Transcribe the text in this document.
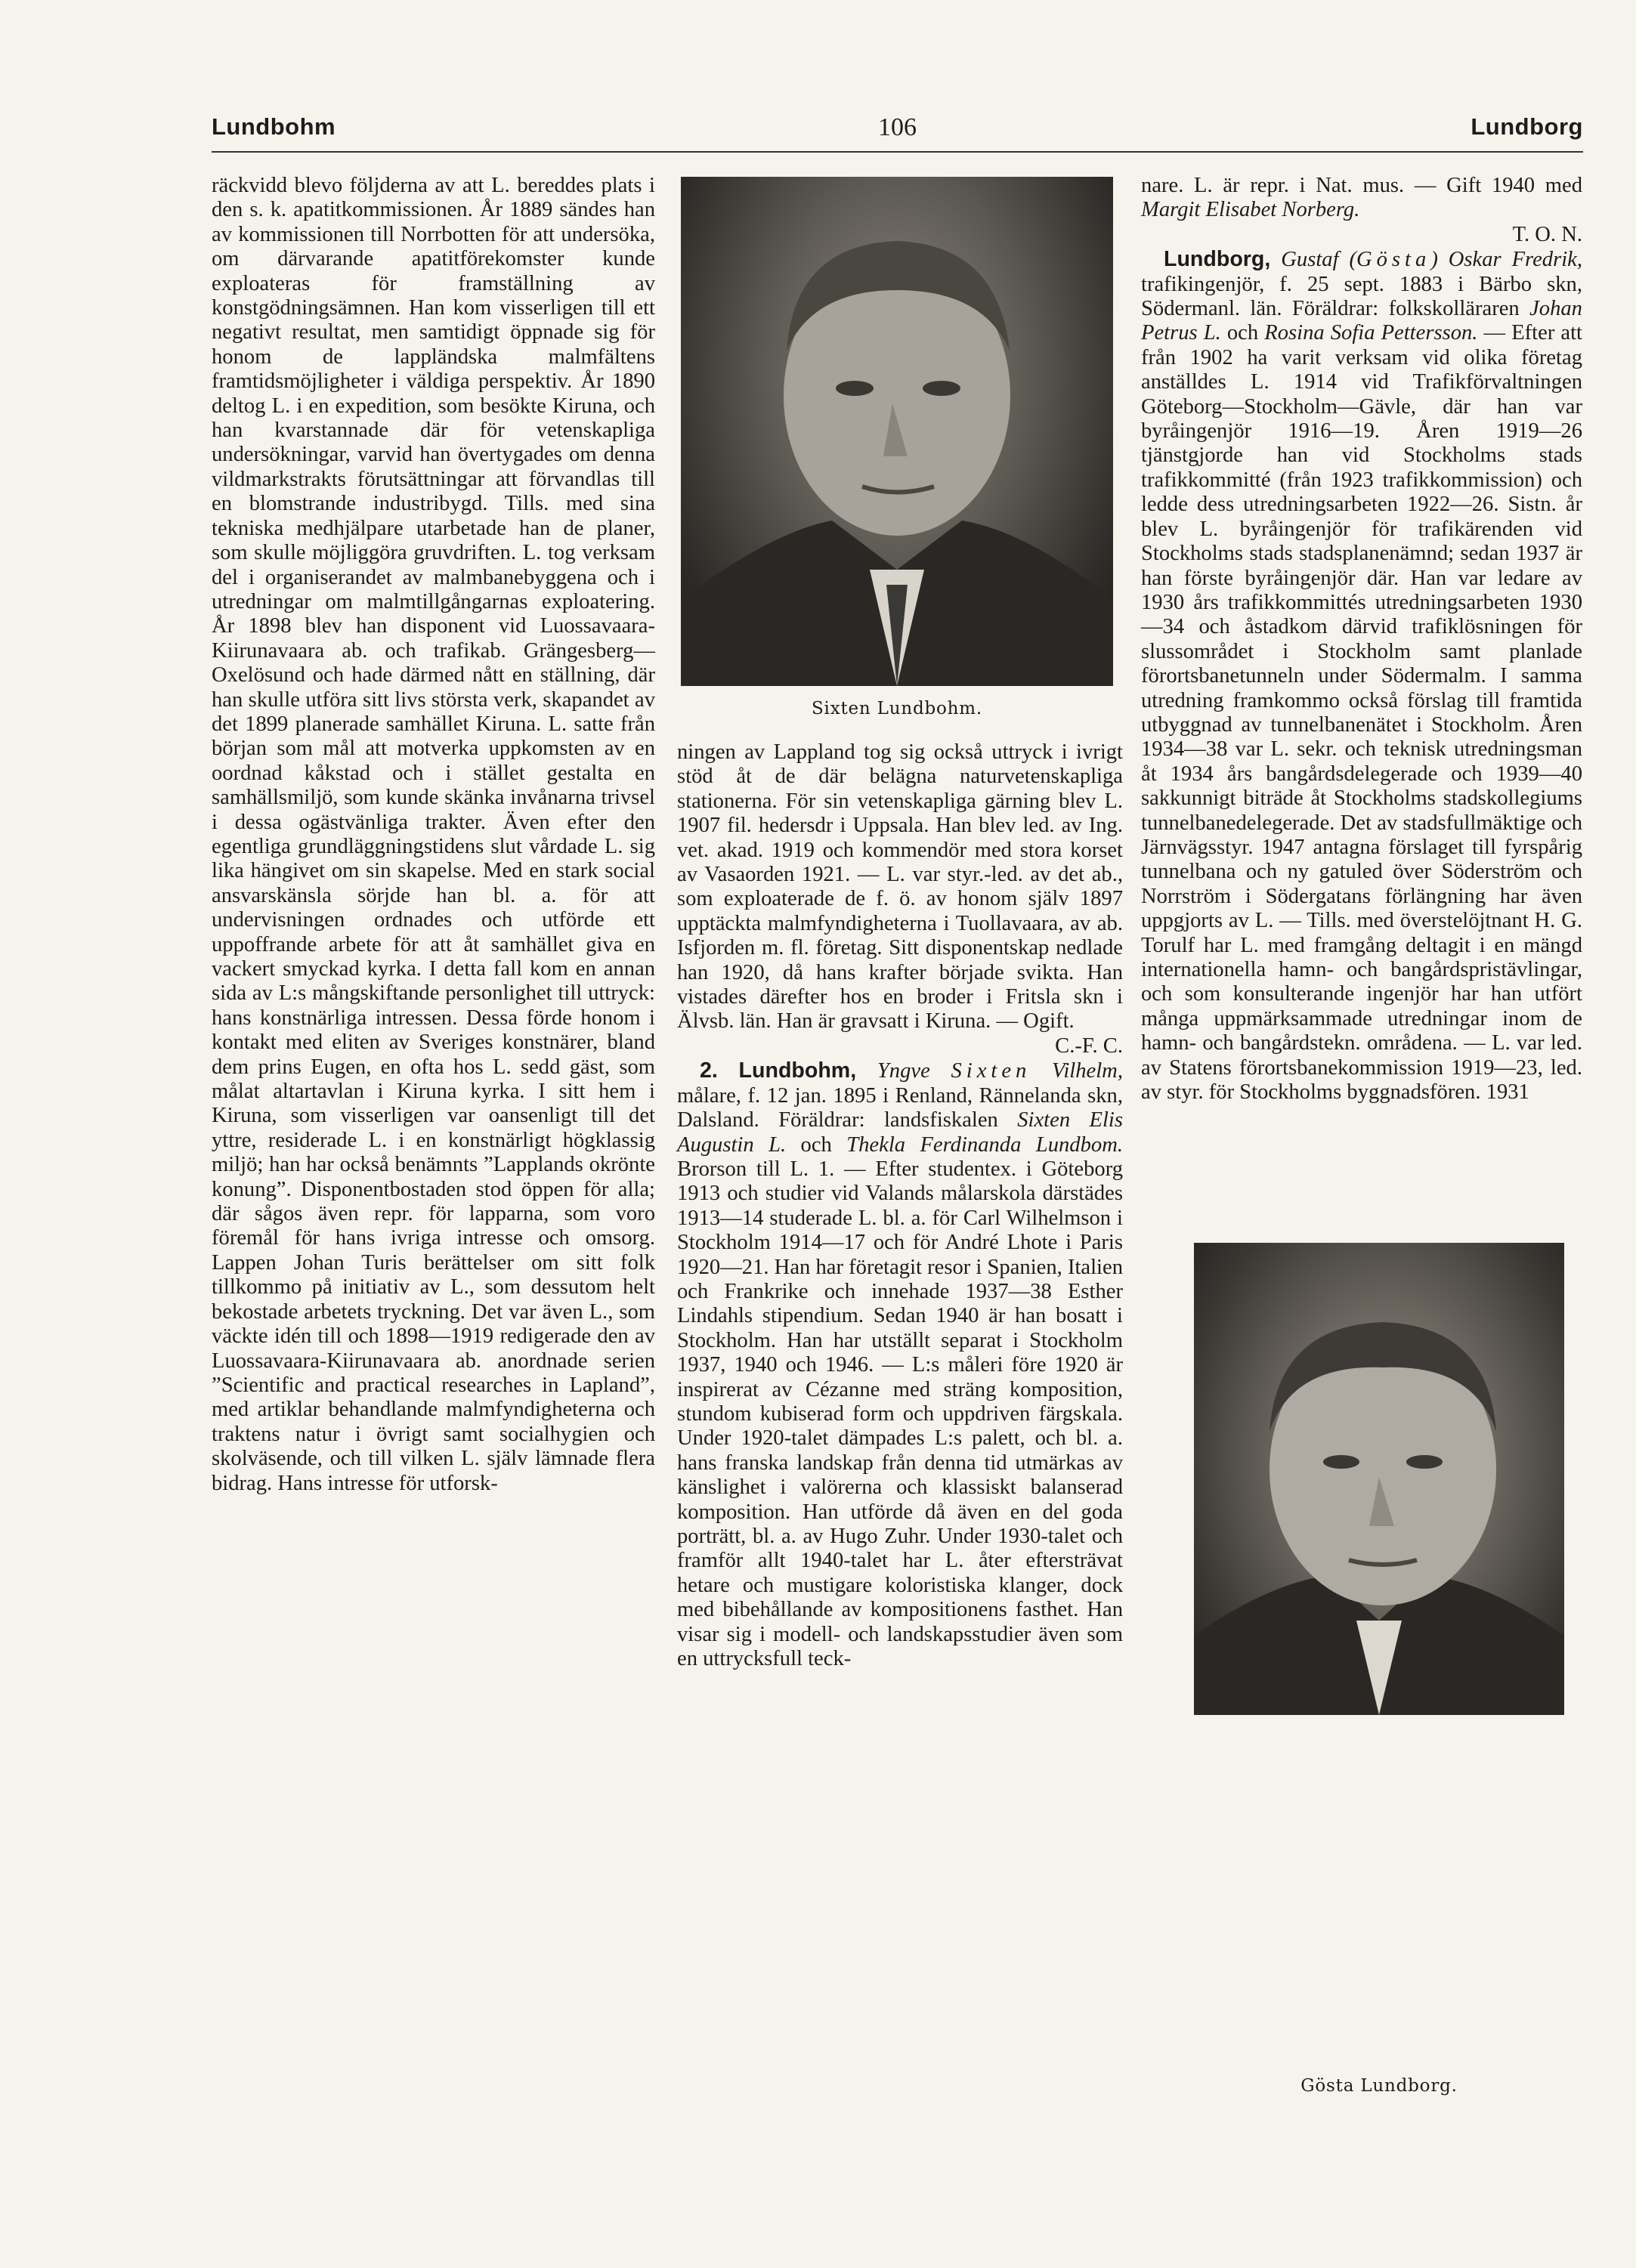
Lundbohm	106	Lundborg

räckvidd blevo följderna av att L. bereddes plats i den s. k. apatitkommissionen. År 1889 sändes han av kommissionen till Norrbotten för att undersöka, om därvarande apatitförekomster kunde exploateras för framställning av konstgödningsämnen. Han kom visserligen till ett negativt resultat, men samtidigt öppnade sig för honom de lappländska malmfältens framtidsmöjligheter i väldiga perspektiv. År 1890 deltog L. i en expedition, som besökte Kiruna, och han kvarstannade där för vetenskapliga undersökningar, varvid han övertygades om denna vildmarkstrakts förutsättningar att förvandlas till en blomstrande industribygd. Tills. med sina tekniska medhjälpare utarbetade han de planer, som skulle möjliggöra gruvdriften. L. tog verksam del i organiserandet av malmbanebyggena och i utredningar om malmtillgångarnas exploatering. År 1898 blev han disponent vid Luossavaara-Kiirunavaara ab. och trafikab. Grängesberg—Oxelösund och hade därmed nått en ställning, där han skulle utföra sitt livs största verk, skapandet av det 1899 planerade samhället Kiruna. L. satte från början som mål att motverka uppkomsten av en oordnad kåkstad och i stället gestalta en samhällsmiljö, som kunde skänka invånarna trivsel i dessa ogästvänliga trakter. Även efter den egentliga grundläggningstidens slut vårdade L. sig lika hängivet om sin skapelse. Med en stark social ansvarskänsla sörjde han bl. a. för att undervisningen ordnades och utförde ett uppoffrande arbete för att åt samhället giva en vackert smyckad kyrka. I detta fall kom en annan sida av L:s mångskiftande personlighet till uttryck: hans konstnärliga intressen. Dessa förde honom i kontakt med eliten av Sveriges konstnärer, bland dem prins Eugen, en ofta hos L. sedd gäst, som målat altartavlan i Kiruna kyrka. I sitt hem i Kiruna, som visserligen var oansenligt till det yttre, residerade L. i en konstnärligt högklassig miljö; han har också benämnts ”Lapplands okrönte konung”. Disponentbostaden stod öppen för alla; där sågos även repr. för lapparna, som voro föremål för hans ivriga intresse och omsorg. Lappen Johan Turis berättelser om sitt folk tillkommo på initiativ av L., som dessutom helt bekostade arbetets tryckning. Det var även L., som väckte idén till och 1898—1919 redigerade den av Luossavaara-Kiirunavaara ab. anordnade serien ”Scientific and practical researches in Lapland”, med artiklar behandlande malmfyndigheterna och traktens natur i övrigt samt socialhygien och skolväsende, och till vilken L. själv lämnade flera bidrag. Hans intresse för utforsk-

Sixten Lundbohm.

ningen av Lappland tog sig också uttryck i ivrigt stöd åt de där belägna naturvetenskapliga stationerna. För sin vetenskapliga gärning blev L. 1907 fil. hedersdr i Uppsala. Han blev led. av Ing. vet. akad. 1919 och kommendör med stora korset av Vasaorden 1921. — L. var styr.-led. av det ab., som exploaterade de f. ö. av honom själv 1897 upptäckta malmfyndigheterna i Tuollavaara, av ab. Isfjorden m. fl. företag. Sitt disponentskap nedlade han 1920, då hans krafter började svikta. Han vistades därefter hos en broder i Fritsla skn i Älvsb. län. Han är gravsatt i Kiruna. — Ogift.
C.-F. C.

2. Lundbohm, Yngve Sixten Vilhelm, målare, f. 12 jan. 1895 i Renland, Rännelanda skn, Dalsland. Föräldrar: landsfiskalen Sixten Elis Augustin L. och Thekla Ferdinanda Lundbom. Brorson till L. 1. — Efter studentex. i Göteborg 1913 och studier vid Valands målarskola därstädes 1913—14 studerade L. bl. a. för Carl Wilhelmson i Stockholm 1914—17 och för André Lhote i Paris 1920—21. Han har företagit resor i Spanien, Italien och Frankrike och innehade 1937—38 Esther Lindahls stipendium. Sedan 1940 är han bosatt i Stockholm. Han har utställt separat i Stockholm 1937, 1940 och 1946. — L:s måleri före 1920 är inspirerat av Cézanne med sträng komposition, stundom kubiserad form och uppdriven färgskala. Under 1920-talet dämpades L:s palett, och bl. a. hans franska landskap från denna tid utmärkas av känslighet i valörerna och klassiskt balanserad komposition. Han utförde då även en del goda porträtt, bl. a. av Hugo Zuhr. Under 1930-talet och framför allt 1940-talet har L. åter eftersträvat hetare och mustigare koloristiska klanger, dock med bibehållande av kompositionens fasthet. Han visar sig i modell- och landskapsstudier även som en uttrycksfull teck-

nare. L. är repr. i Nat. mus. — Gift 1940 med Margit Elisabet Norberg.
T. O. N.

Lundborg, Gustaf (Gösta) Oskar Fredrik, trafikingenjör, f. 25 sept. 1883 i Bärbo skn, Södermanl. län. Föräldrar: folkskolläraren Johan Petrus L. och Rosina Sofia Pettersson. — Efter att från 1902 ha varit verksam vid olika företag anställdes L. 1914 vid Trafikförvaltningen Göteborg—Stockholm—Gävle, där han var byråingenjör 1916—19. Åren 1919—26 tjänstgjorde han vid Stockholms stads trafikkommitté (från 1923 trafikkommission) och ledde dess utredningsarbeten 1922—26. Sistn. år blev L. byråingenjör för trafikärenden vid Stockholms stads stadsplanenämnd; sedan 1937 är han förste byråingenjör där. Han var ledare av 1930 års trafikkommittés utredningsarbeten 1930—34 och åstadkom därvid trafiklösningen för slussområdet i Stockholm samt planlade förortsbanetunneln under Södermalm. I samma utredning framkommo också förslag till framtida utbyggnad av tunnelbanenätet i Stockholm. Åren 1934—38 var L. sekr. och teknisk utredningsman åt 1934 års bangårdsdelegerade och 1939—40 sakkunnigt biträde åt Stockholms stadskollegiums tunnelbanedelegerade. Det av stadsfullmäktige och Järnvägsstyr. 1947 antagna förslaget till fyrspårig tunnelbana och ny gatuled över Söderström och Norrström i Södergatans förlängning har även uppgjorts av L. — Tills. med överstelöjtnant H. G. Torulf har L. med framgång deltagit i en mängd internationella hamn- och bangårdspristävlingar, och som konsulterande ingenjör har han utfört många uppmärksammade utredningar inom de hamn- och bangårdstekn. områdena. — L. var led. av Statens förortsbanekommission 1919—23, led. av styr. för Stockholms byggnadsfören. 1931

Gösta Lundborg.
